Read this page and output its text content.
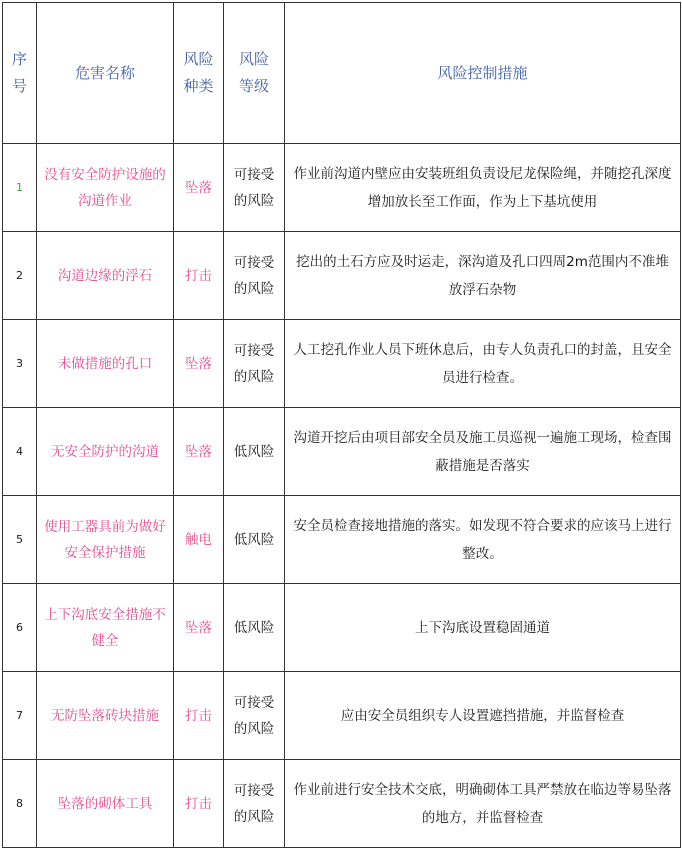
序号	危害名称	风险种类	风险等级	风险控制措施
1	没有安全防护设施的沟道作业	坠落	可接受的风险	作业前沟道内壁应由安装班组负责设尼龙保险绳，并随挖孔深度增加放长至工作面，作为上下基坑使用
2	沟道边缘的浮石	打击	可接受的风险	挖出的土石方应及时运走，深沟道及孔口四周2m范围内不准堆放浮石杂物
3	未做措施的孔口	坠落	可接受的风险	人工挖孔作业人员下班休息后，由专人负责孔口的封盖，且安全员进行检查。
4	无安全防护的沟道	坠落	低风险	沟道开挖后由项目部安全员及施工员巡视一遍施工现场，检查围蔽措施是否落实
5	使用工器具前为做好安全保护措施	触电	低风险	安全员检查接地措施的落实。如发现不符合要求的应该马上进行整改。
6	上下沟底安全措施不健全	坠落	低风险	上下沟底设置稳固通道
7	无防坠落砖块措施	打击	可接受的风险	应由安全员组织专人设置遮挡措施，并监督检查
8	坠落的砌体工具	打击	可接受的风险	作业前进行安全技术交底，明确砌体工具严禁放在临边等易坠落的地方，并监督检查
